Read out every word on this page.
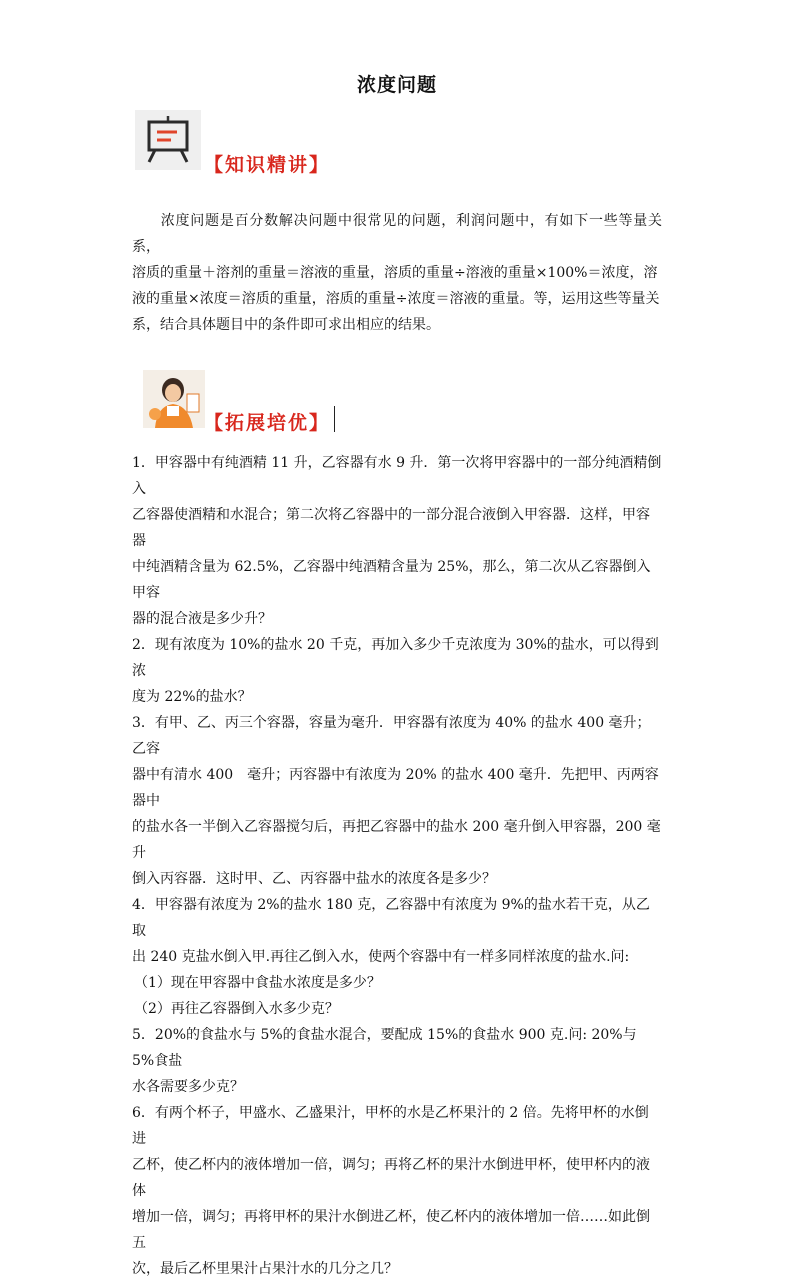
浓度问题
【知识精讲】
浓度问题是百分数解决问题中很常见的问题，利润问题中，有如下一些等量关系，
溶质的重量＋溶剂的重量＝溶液的重量，溶质的重量÷溶液的重量×100%＝浓度，溶
液的重量×浓度＝溶质的重量，溶质的重量÷浓度＝溶液的重量。等，运用这些等量关
系，结合具体题目中的条件即可求出相应的结果。
【拓展培优】

1．甲容器中有纯酒精 11 升，乙容器有水 9 升．第一次将甲容器中的一部分纯酒精倒入

乙容器使酒精和水混合；第二次将乙容器中的一部分混合液倒入甲容器．这样，甲容器

中纯酒精含量为 62.5%，乙容器中纯酒精含量为 25%，那么，第二次从乙容器倒入甲容

器的混合液是多少升？

2．现有浓度为 10%的盐水 20 千克，再加入多少千克浓度为 30%的盐水，可以得到浓

度为 22%的盐水？

3．有甲、乙、丙三个容器，容量为毫升．甲容器有浓度为 40% 的盐水 400 毫升；乙容

器中有清水 400　毫升；丙容器中有浓度为 20% 的盐水 400 毫升．先把甲、丙两容器中

的盐水各一半倒入乙容器搅匀后，再把乙容器中的盐水 200 毫升倒入甲容器，200 毫升

倒入丙容器．这时甲、乙、丙容器中盐水的浓度各是多少？

4．甲容器有浓度为 2%的盐水 180 克，乙容器中有浓度为 9%的盐水若干克，从乙取

出 240 克盐水倒入甲.再往乙倒入水，使两个容器中有一样多同样浓度的盐水.问:

（1）现在甲容器中食盐水浓度是多少？

（2）再往乙容器倒入水多少克？

5．20%的食盐水与 5%的食盐水混合，要配成 15%的食盐水 900 克.问: 20%与 5%食盐

水各需要多少克？

6．有两个杯子，甲盛水、乙盛果汁，甲杯的水是乙杯果汁的 2 倍。先将甲杯的水倒进

乙杯，使乙杯内的液体增加一倍，调匀；再将乙杯的果汁水倒进甲杯，使甲杯内的液体

增加一倍，调匀；再将甲杯的果汁水倒进乙杯，使乙杯内的液体增加一倍……如此倒五

次，最后乙杯里果汁占果汁水的几分之几？
